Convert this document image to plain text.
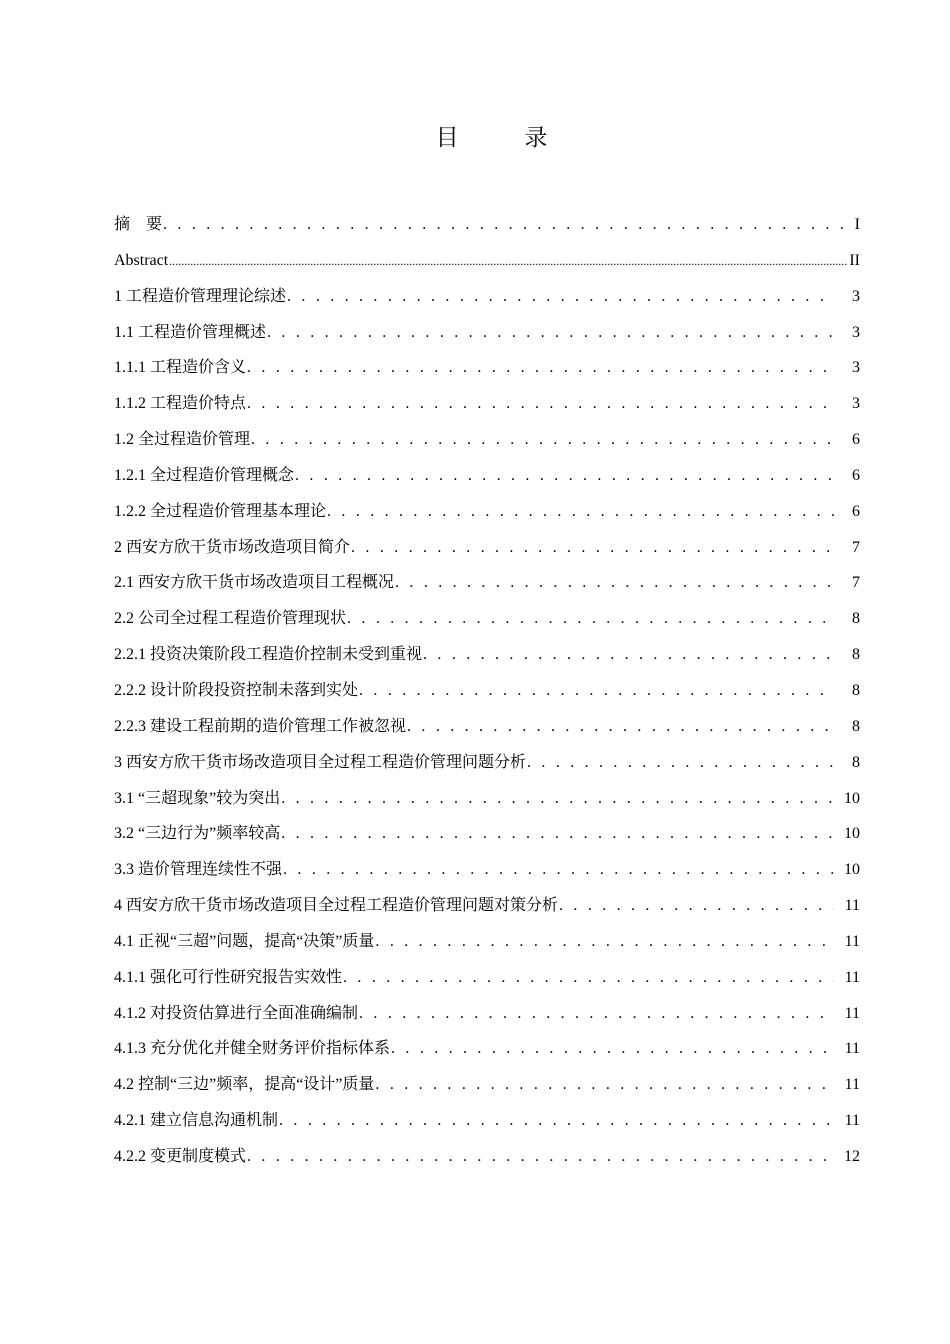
目 录
摘　要 . . .	I
Abstract .....	II
1 工程造价管理理论综述 . . .	3
1.1 工程造价管理概述 . . .	3
1.1.1 工程造价含义 . . .	3
1.1.2 工程造价特点 . . .	3
1.2 全过程造价管理 . . .	6
1.2.1 全过程造价管理概念 . . .	6
1.2.2 全过程造价管理基本理论 . . .	6
2 西安方欣干货市场改造项目简介 . . .	7
2.1 西安方欣干货市场改造项目工程概况 . . .	7
2.2 公司全过程工程造价管理现状 . . .	8
2.2.1 投资决策阶段工程造价控制未受到重视 . . .	8
2.2.2 设计阶段投资控制未落到实处 . . .	8
2.2.3 建设工程前期的造价管理工作被忽视 . . .	8
3 西安方欣干货市场改造项目全过程工程造价管理问题分析 . . .	8
3.1 “三超现象”较为突出 . . .	10
3.2 “三边行为”频率较高 . . .	10
3.3 造价管理连续性不强 . . .	10
4 西安方欣干货市场改造项目全过程工程造价管理问题对策分析 . . .	11
4.1 正视“三超”问题，提高“决策”质量 . . .	11
4.1.1 强化可行性研究报告实效性 . . .	11
4.1.2 对投资估算进行全面准确编制 . . .	11
4.1.3 充分优化并健全财务评价指标体系 . . .	11
4.2 控制“三边”频率，提高“设计”质量 . . .	11
4.2.1 建立信息沟通机制 . . .	11
4.2.2 变更制度模式 . . .	12
